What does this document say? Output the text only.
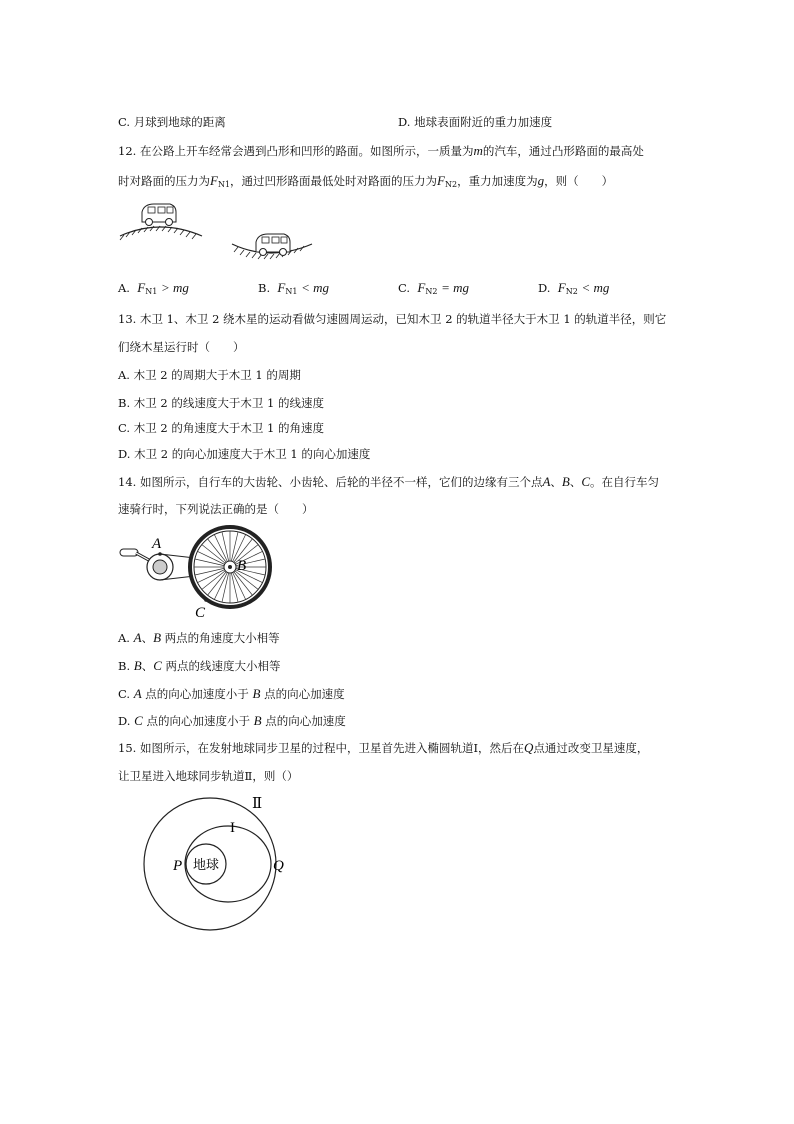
C. 月球到地球的距离	D. 地球表面附近的重力加速度
12. 在公路上开车经常会遇到凸形和凹形的路面。如图所示，一质量为m的汽车，通过凸形路面的最高处
时对路面的压力为$F_{N1}$，通过凹形路面最低处时对路面的压力为$F_{N2}$，重力加速度为g，则（　　）
A. $F_{N1}$ > mg	B. $F_{N1}$ < mg	C. $F_{N2}$ = mg	D. $F_{N2}$ < mg
13. 木卫 1、木卫 2 绕木星的运动看做匀速圆周运动，已知木卫 2 的轨道半径大于木卫 1 的轨道半径，则它
们绕木星运行时（　　）
A. 木卫 2 的周期大于木卫 1 的周期
B. 木卫 2 的线速度大于木卫 1 的线速度
C. 木卫 2 的角速度大于木卫 1 的角速度
D. 木卫 2 的向心加速度大于木卫 1 的向心加速度
14. 如图所示，自行车的大齿轮、小齿轮、后轮的半径不一样，它们的边缘有三个点A、B、C。在自行车匀
速骑行时，下列说法正确的是（　　）
A
B
C
A. A、B 两点的角速度大小相等
B. B、C 两点的线速度大小相等
C. A 点的向心加速度小于 B 点的向心加速度
D. C 点的向心加速度小于 B 点的向心加速度
15. 如图所示，在发射地球同步卫星的过程中，卫星首先进入椭圆轨道Ⅰ，然后在Q点通过改变卫星速度，
让卫星进入地球同步轨道Ⅱ，则（）
地球
Ⅱ
I
P	Q
